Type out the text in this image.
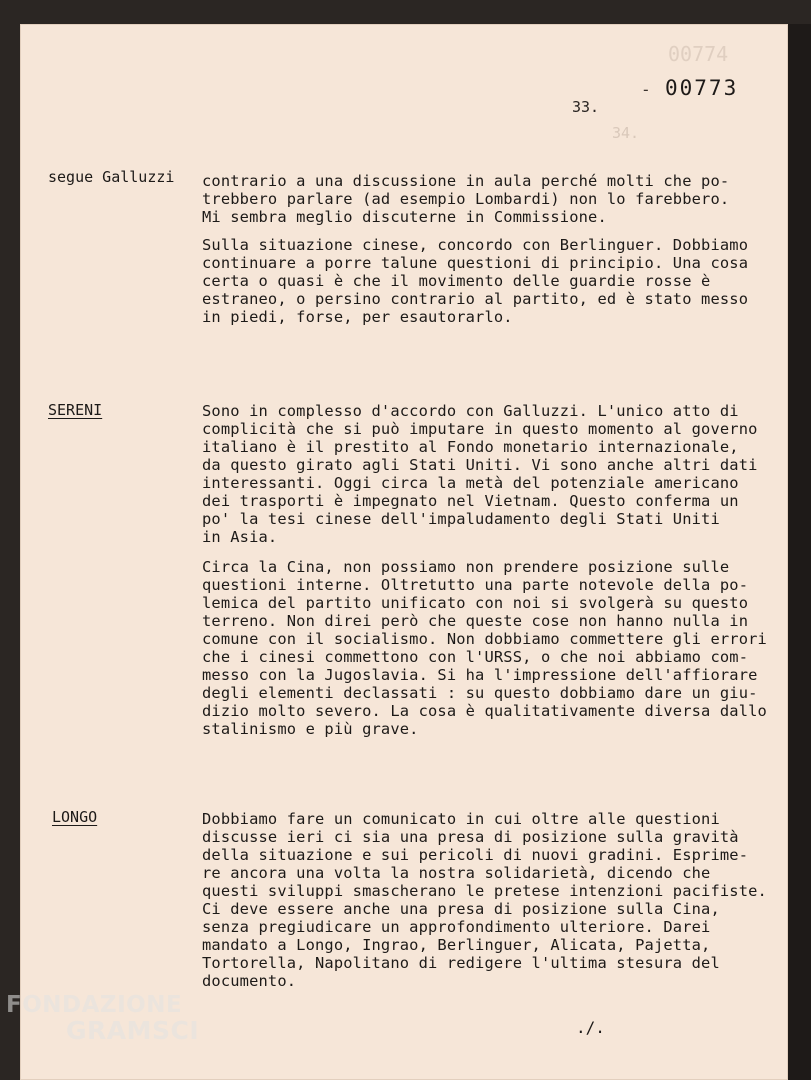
00774
34.
33.
- 00773
segue Galluzzi contrario a una discussione in aula perché molti che po-
trebbero parlare (ad esempio Lombardi) non lo farebbero.
Mi sembra meglio discuterne in Commissione.
Sulla situazione cinese, concordo con Berlinguer. Dobbiamo
continuare a porre talune questioni di principio. Una cosa
certa o quasi è che il movimento delle guardie rosse è
estraneo, o persino contrario al partito, ed è stato messo
in piedi, forse, per esautorarlo.
SERENI	Sono in complesso d'accordo con Galluzzi. L'unico atto di
complicità che si può imputare in questo momento al governo
italiano è il prestito al Fondo monetario internazionale,
da questo girato agli Stati Uniti. Vi sono anche altri dati
interessanti. Oggi circa la metà del potenziale americano
dei trasporti è impegnato nel Vietnam. Questo conferma un
po' la tesi cinese dell'impaludamento degli Stati Uniti
in Asia.
Circa la Cina, non possiamo non prendere posizione sulle
questioni interne. Oltretutto una parte notevole della po-
lemica del partito unificato con noi si svolgerà su questo
terreno. Non direi però che queste cose non hanno nulla in
comune con il socialismo. Non dobbiamo commettere gli errori
che i cinesi commettono con l'URSS, o che noi abbiamo com-
messo con la Jugoslavia. Si ha l'impressione dell'affiorare
degli elementi declassati : su questo dobbiamo dare un giu-
dizio molto severo. La cosa è qualitativamente diversa dallo
stalinismo e più grave.
LONGO	Dobbiamo fare un comunicato in cui oltre alle questioni
discusse ieri ci sia una presa di posizione sulla gravità
della situazione e sui pericoli di nuovi gradini. Esprime-
re ancora una volta la nostra solidarietà, dicendo che
questi sviluppi smascherano le pretese intenzioni pacifiste.
Ci deve essere anche una presa di posizione sulla Cina,
senza pregiudicare un approfondimento ulteriore. Darei
mandato a Longo, Ingrao, Berlinguer, Alicata, Pajetta,
Tortorella, Napolitano di redigere l'ultima stesura del
documento.
./.
FONDAZIONE
GRAMSCI
